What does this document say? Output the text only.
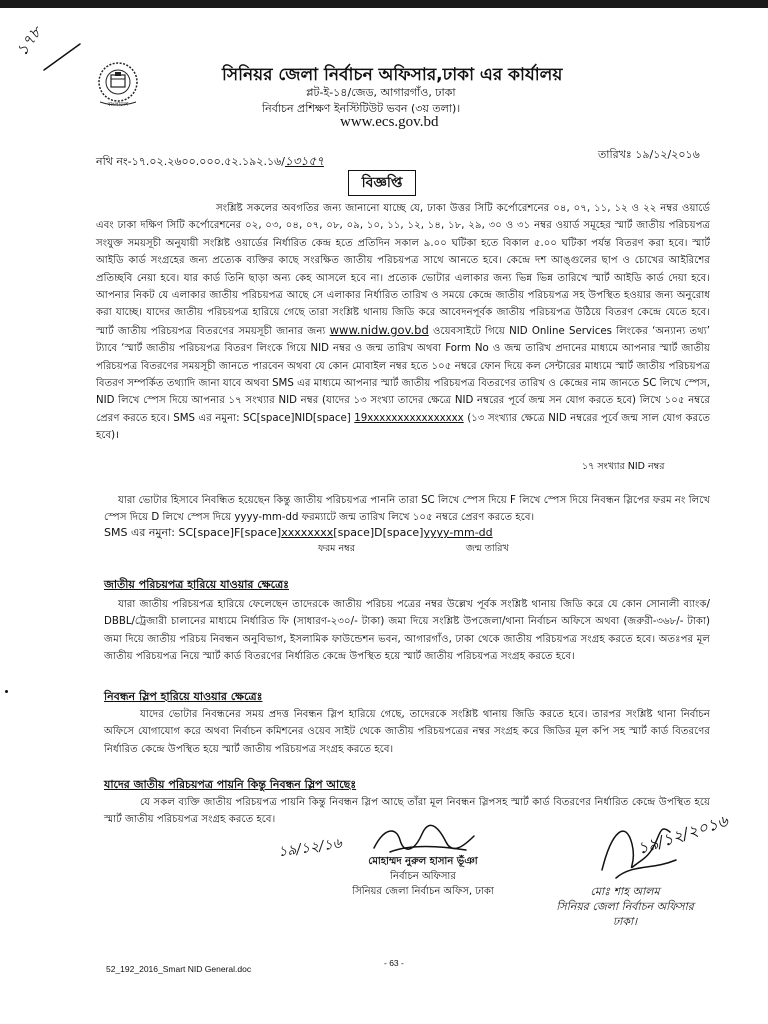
১৭৮
বাংলাদেশ
সিনিয়র জেলা নির্বাচন অফিসার,ঢাকা এর কার্যালয়
প্লট-ই-১৪/জেড, আগারগাঁও, ঢাকা
নির্বাচন প্রশিক্ষণ ইনস্টিটিউট ভবন (৩য় তলা)।
www.ecs.gov.bd
নথি নং-১৭.০২.২৬০০.০০০.৫২.১৯২.১৬/১৩১৫৭	তারিখঃ ১৯/১২/২০১৬
বিজ্ঞপ্তি

সংশ্লিষ্ট সকলের অবগতির জন্য জানানো যাচ্ছে যে, ঢাকা উত্তর সিটি কর্পোরেশনের ০৪, ০৭, ১১, ১২ ও ২২ নম্বর ওয়ার্ডে এবং ঢাকা দক্ষিণ সিটি কর্পোরেশনের ০২, ০৩, ০৪, ০৭, ০৮, ০৯, ১০, ১১, ১২, ১৪, ১৮, ২৯, ৩০ ও ৩১ নম্বর ওয়ার্ড সমূহের স্মার্ট জাতীয় পরিচয়পত্র সংযুক্ত সময়সূচী অনুযায়ী সংশ্লিষ্ট ওয়ার্ডের নির্ধারিত কেন্দ্র হতে প্রতিদিন সকাল ৯.০০ ঘটিকা হতে বিকাল ৫.০০ ঘটিকা পর্যন্ত বিতরণ করা হবে। স্মার্ট আইডি কার্ড সংগ্রহের জন্য প্রত্যেক ব্যক্তির কাছে সংরক্ষিত জাতীয় পরিচয়পত্র সাথে আনতে হবে। কেন্দ্রে দশ আঙ্গুলের ছাপ ও চোখের আইরিশের প্রতিচ্ছবি নেয়া হবে। যার কার্ড তিনি ছাড়া অন্য কেহ আসলে হবে না। প্রত্যেক ভোটার এলাকার জন্য ভিন্ন ভিন্ন তারিখে স্মার্ট আইডি কার্ড দেয়া হবে। আপনার নিকট যে এলাকার জাতীয় পরিচয়পত্র আছে সে এলাকার নির্ধারিত তারিখ ও সময়ে কেন্দ্রে জাতীয় পরিচয়পত্র সহ উপস্থিত হওয়ার জন্য অনুরোধ করা যাচ্ছে। যাদের জাতীয় পরিচয়পত্র হারিয়ে গেছে তারা সংশ্লিষ্ট থানায় জিডি করে আবেদনপূর্বক জাতীয় পরিচয়পত্র উঠিয়ে বিতরণ কেন্দ্রে যেতে হবে। স্মার্ট জাতীয় পরিচয়পত্র বিতরণের সময়সূচী জানার জন্য www.nidw.gov.bd ওয়েবসাইটে গিয়ে NID Online Services লিংকের ‘অন্যান্য তথ্য’ ট্যাবে ‘স্মার্ট জাতীয় পরিচয়পত্র বিতরণ লিংকে গিয়ে NID নম্বর ও জন্ম তারিখ অথবা Form No ও জন্ম তারিখ প্রদানের মাধ্যমে আপনার স্মার্ট জাতীয় পরিচয়পত্র বিতরণের সময়সূচী জানতে পারবেন অথবা যে কোন মোবাইল নম্বর হতে ১০৫ নম্বরে ফোন দিয়ে কল সেন্টারের মাধ্যমে স্মার্ট জাতীয় পরিচয়পত্র বিতরণ সম্পর্কিত তথ্যাদি জানা যাবে অথবা SMS এর মাধ্যমে আপনার স্মার্ট জাতীয় পরিচয়পত্র বিতরণের তারিখ ও কেন্দ্রের নাম জানতে SC লিখে স্পেস, NID লিখে স্পেস দিয়ে আপনার ১৭ সংখ্যার NID নম্বর (যাদের ১৩ সংখ্যা তাদের ক্ষেত্রে NID নম্বরের পূর্বে জন্ম সন যোগ করতে হবে) লিখে ১০৫ নম্বরে প্রেরণ করতে হবে। SMS এর নমুনা: SC[space]NID[space] 19xxxxxxxxxxxxxxxx (১৩ সংখ্যার ক্ষেত্রে NID নম্বরের পূর্বে জন্ম সাল যোগ করতে হবে)।

১৭ সংখ্যার NID নম্বর

যারা ভোটার হিসাবে নিবন্ধিত হয়েছেন কিন্তু জাতীয় পরিচয়পত্র পাননি তারা SC লিখে স্পেস দিয়ে F লিখে স্পেস দিয়ে নিবন্ধন স্লিপের ফরম নং লিখে স্পেস দিয়ে D লিখে স্পেস দিয়ে yyyy-mm-dd ফরম্যাটে জন্ম তারিখ লিখে ১০৫ নম্বরে প্রেরণ করতে হবে।

SMS এর নমুনা: SC[space]F[space]xxxxxxxx[space]D[space]yyyy-mm-dd
ফরম নম্বর	জন্ম তারিখ
জাতীয় পরিচয়পত্র হারিয়ে যাওয়ার ক্ষেত্রেঃ

যারা জাতীয় পরিচয়পত্র হারিয়ে ফেলেছেন তাদেরকে জাতীয় পরিচয় পত্রের নম্বর উল্লেখ পূর্বক সংশ্লিষ্ট থানায় জিডি করে যে কোন সোনালী ব্যাংক/ DBBL/ট্রেজারী চালানের মাধ্যমে নির্ধারিত ফি (সাধারণ-২৩০/- টাকা) জমা দিয়ে সংশ্লিষ্ট উপজেলা/থানা নির্বাচন অফিসে অথবা (জরুরী-৩৬৮/- টাকা) জমা দিয়ে জাতীয় পরিচয় নিবন্ধন অনুবিভাগ, ইসলামিক ফাউন্ডেশন ভবন, আগারগাঁও, ঢাকা থেকে জাতীয় পরিচয়পত্র সংগ্রহ করতে হবে। অতঃপর মূল জাতীয় পরিচয়পত্র নিয়ে স্মার্ট কার্ড বিতরণের নির্ধারিত কেন্দ্রে উপস্থিত হয়ে স্মার্ট জাতীয় পরিচয়পত্র সংগ্রহ করতে হবে।

নিবন্ধন স্লিপ হারিয়ে যাওয়ার ক্ষেত্রেঃ

যাদের ভোটার নিবন্ধনের সময় প্রদত্ত নিবন্ধন স্লিপ হারিয়ে গেছে, তাদেরকে সংশ্লিষ্ট থানায় জিডি করতে হবে। তারপর সংশ্লিষ্ট থানা নির্বাচন অফিসে যোগাযোগ করে অথবা নির্বাচন কমিশনের ওয়েব সাইট থেকে জাতীয় পরিচয়পত্রের নম্বর সংগ্রহ করে জিডির মূল কপি সহ স্মার্ট কার্ড বিতরণের নির্ধারিত কেন্দ্রে উপস্থিত হয়ে স্মার্ট জাতীয় পরিচয়পত্র সংগ্রহ করতে হবে।

যাদের জাতীয় পরিচয়পত্র পায়নি কিন্তু নিবন্ধন স্লিপ আছেঃ

যে সকল ব্যক্তি জাতীয় পরিচয়পত্র পায়নি কিন্তু নিবন্ধন স্লিপ আছে তাঁরা মূল নিবন্ধন স্লিপসহ স্মার্ট কার্ড বিতরণের নির্ধারিত কেন্দ্রে উপস্থিত হয়ে স্মার্ট জাতীয় পরিচয়পত্র সংগ্রহ করতে হবে।

১৯/১২/১৬
মোহাম্মদ নুরুল হাসান ভূঁঞা
নির্বাচন অফিসার
সিনিয়র জেলা নির্বাচন অফিস, ঢাকা
১৯/১২/২০১৬
মোঃ শাহ আলম
সিনিয়র জেলা নির্বাচন অফিসার
ঢাকা।
52_192_2016_Smart NID General.doc
- 63 -
